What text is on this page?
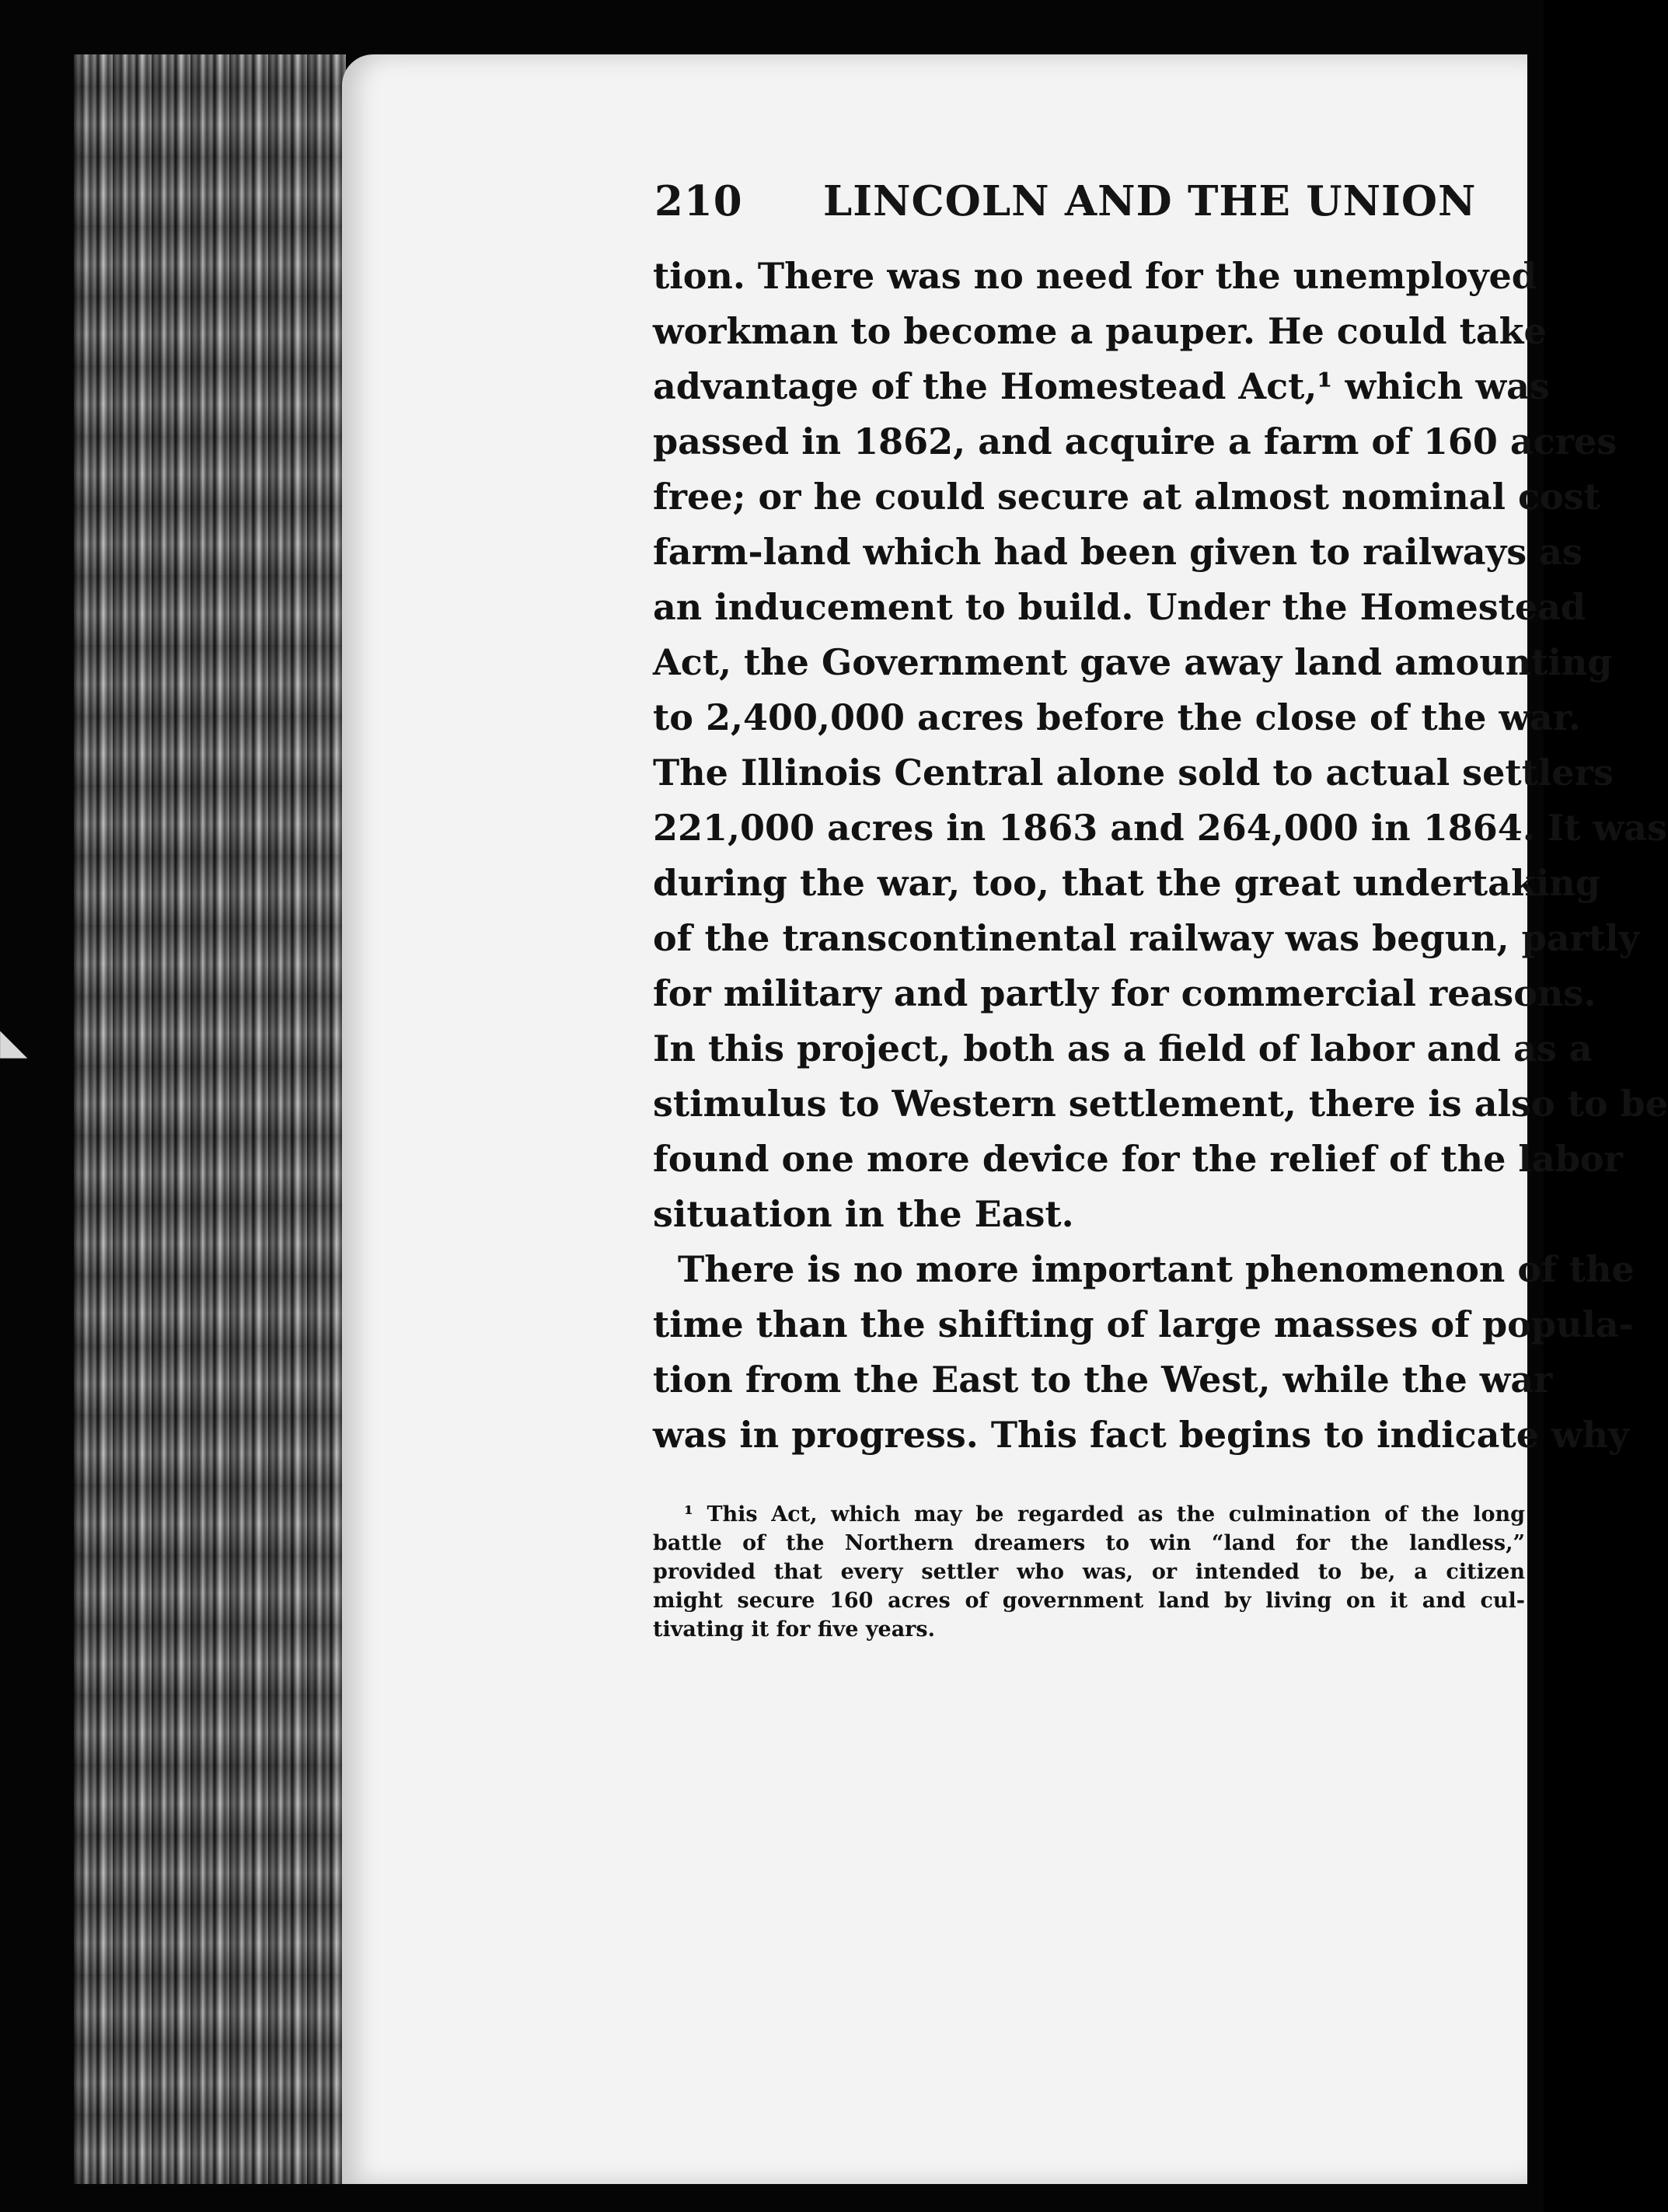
◣
210 LINCOLN AND THE UNION
tion. There was no need for the unemployed
workman to become a pauper. He could take
advantage of the Homestead Act,¹ which was
passed in 1862, and acquire a farm of 160 acres
free; or he could secure at almost nominal cost
farm-land which had been given to railways as
an inducement to build. Under the Homestead
Act, the Government gave away land amounting
to 2,400,000 acres before the close of the war.
The Illinois Central alone sold to actual settlers
221,000 acres in 1863 and 264,000 in 1864. It was
during the war, too, that the great undertaking
of the transcontinental railway was begun, partly
for military and partly for commercial reasons.
In this project, both as a field of labor and as a
stimulus to Western settlement, there is also to be
found one more device for the relief of the labor
situation in the East.
There is no more important phenomenon of the
time than the shifting of large masses of popula-
tion from the East to the West, while the war
was in progress. This fact begins to indicate why
¹ This Act, which may be regarded as the culmination of the long
battle of the Northern dreamers to win “land for the landless,”
provided that every settler who was, or intended to be, a citizen
might secure 160 acres of government land by living on it and cul-
tivating it for five years.
